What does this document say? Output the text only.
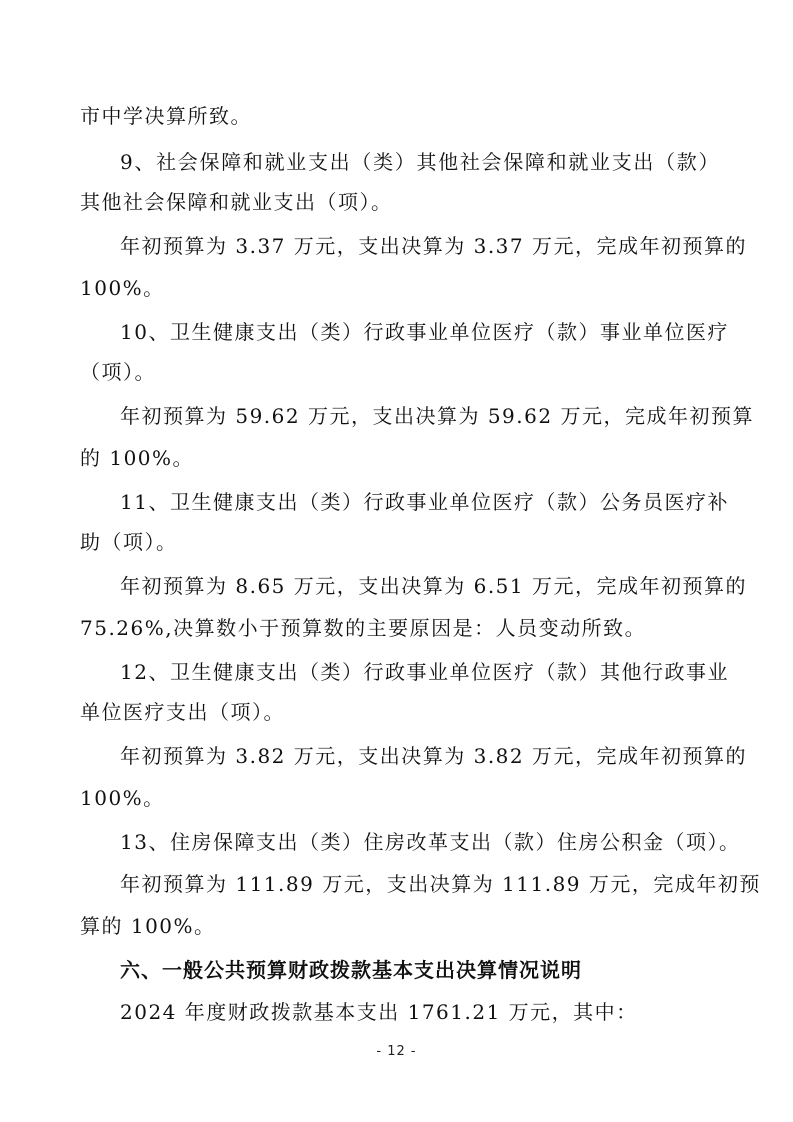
市中学决算所致。
9、社会保障和就业支出（类）其他社会保障和就业支出（款）
其他社会保障和就业支出（项）。
年初预算为 3.37 万元，支出决算为 3.37 万元，完成年初预算的
100%。
10、卫生健康支出（类）行政事业单位医疗（款）事业单位医疗
（项）。
年初预算为 59.62 万元，支出决算为 59.62 万元，完成年初预算
的 100%。
11、卫生健康支出（类）行政事业单位医疗（款）公务员医疗补
助（项）。
年初预算为 8.65 万元，支出决算为 6.51 万元，完成年初预算的
75.26%,决算数小于预算数的主要原因是：人员变动所致。
12、卫生健康支出（类）行政事业单位医疗（款）其他行政事业
单位医疗支出（项）。
年初预算为 3.82 万元，支出决算为 3.82 万元，完成年初预算的
100%。
13、住房保障支出（类）住房改革支出（款）住房公积金（项）。
年初预算为 111.89 万元，支出决算为 111.89 万元，完成年初预
算的 100%。
六、一般公共预算财政拨款基本支出决算情况说明
2024 年度财政拨款基本支出 1761.21 万元，其中：
- 12 -
